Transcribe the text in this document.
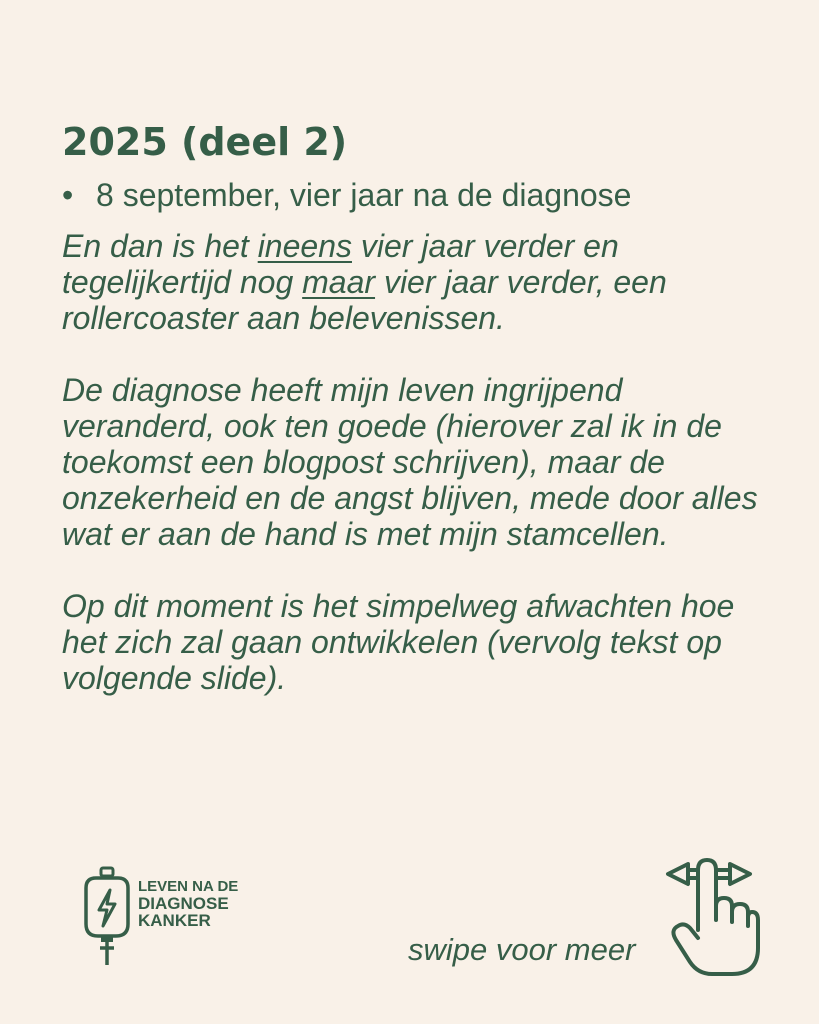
2025 (deel 2)
• 8 september, vier jaar na de diagnose

En dan is het ineens vier jaar verder en tegelijkertijd nog maar vier jaar verder, een rollercoaster aan belevenissen.

De diagnose heeft mijn leven ingrijpend veranderd, ook ten goede (hierover zal ik in de toekomst een blogpost schrijven), maar de onzekerheid en de angst blijven, mede door alles wat er aan de hand is met mijn stamcellen.

Op dit moment is het simpelweg afwachten hoe het zich zal gaan ontwikkelen (vervolg tekst op volgende slide).

LEVEN NA DE
DIAGNOSE
KANKER
swipe voor meer
